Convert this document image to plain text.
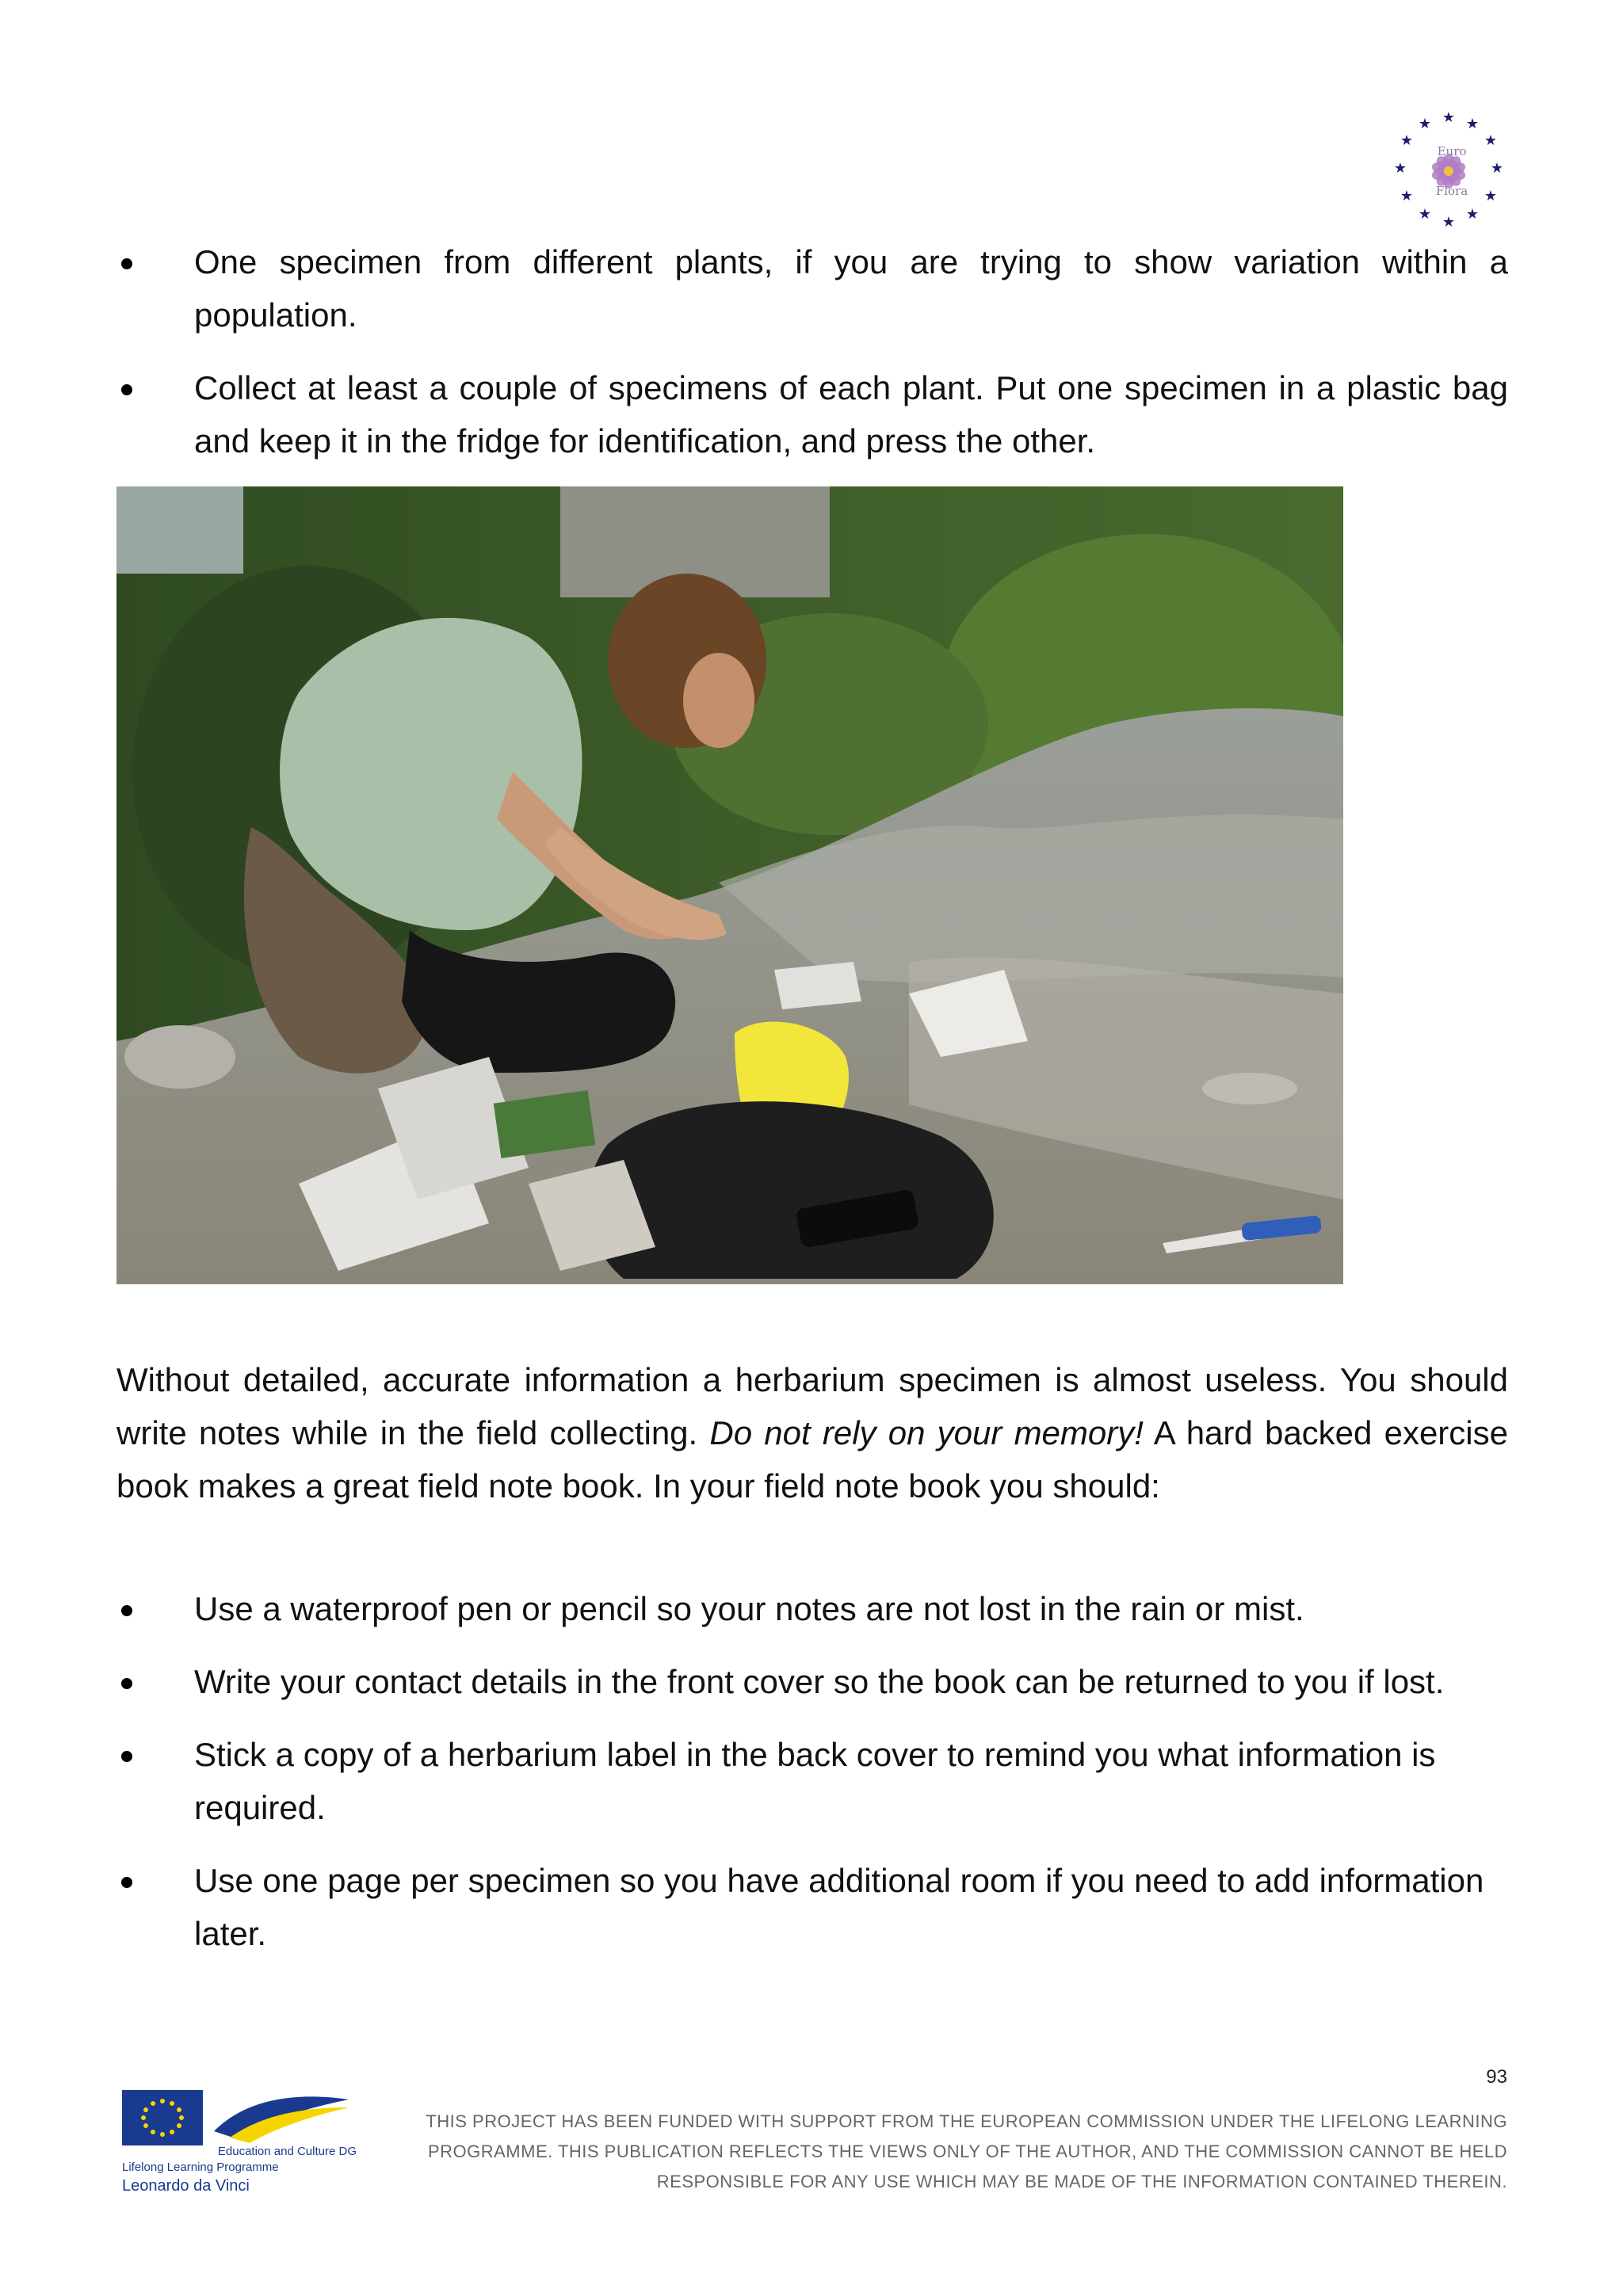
★ ★
★
★
★
★
★
★
★
★
★
★
Euro
Flora
One specimen from different plants, if you are trying to show variation within a population.
Collect at least a couple of specimens of each plant. Put one specimen in a plastic bag and keep it in the fridge for identification, and press the other.

Without detailed, accurate information a herbarium specimen is almost useless. You should write notes while in the field collecting. Do not rely on your memory! A hard backed exercise book makes a great field note book. In your field note book you should:

Use a waterproof pen or pencil so your notes are not lost in the rain or mist.
Write your contact details in the front cover so the book can be returned to you if lost.
Stick a copy of a herbarium label in the back cover to remind you what information is required.
Use one page per specimen so you have additional room if you need to add information later.
93
Education and Culture DG
Lifelong Learning Programme
Leonardo da Vinci
THIS PROJECT HAS BEEN FUNDED WITH SUPPORT FROM THE EUROPEAN COMMISSION UNDER THE LIFELONG LEARNING
PROGRAMME. THIS PUBLICATION REFLECTS THE VIEWS ONLY OF THE AUTHOR, AND THE COMMISSION CANNOT BE HELD
RESPONSIBLE FOR ANY USE WHICH MAY BE MADE OF THE INFORMATION CONTAINED THEREIN.
